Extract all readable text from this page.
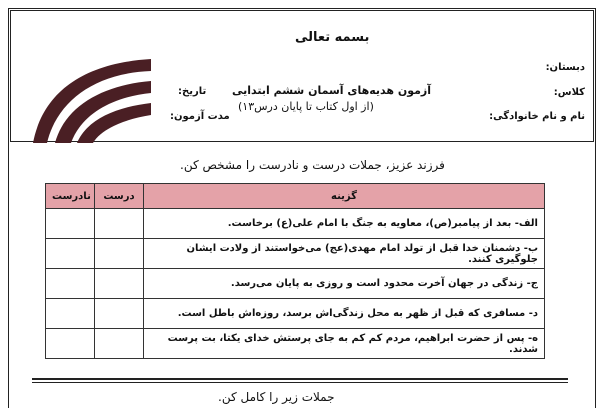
بسمه تعالی
آزمون هدیه‌های آسمان ششم ابتدایی
(از اول کتاب تا پایان درس۱۳)
دبستان:
کلاس:
نام و نام خانوادگی:
تاریخ:
مدت آزمون:
فرزند عزیز، جملات درست و نادرست را مشخص کن.
نادرست	درست	گزینه
		الف- بعد از پیامبر(ص)، معاویه به جنگ با امام علی(ع) برخاست.
		ب- دشمنان خدا قبل از تولد امام مهدی(عج) می‌خواستند از ولادت ایشان جلوگیری کنند.
		ج- زندگی در جهان آخرت محدود است و روزی به پایان می‌رسد.
		د- مسافری که قبل از ظهر به محل زندگی‌اش برسد، روزه‌اش باطل است.
		ه- پس از حضرت ابراهیم، مردم کم کم به جای پرستش خدای یکتا، بت پرست شدند.
جملات زیر را کامل کن.
